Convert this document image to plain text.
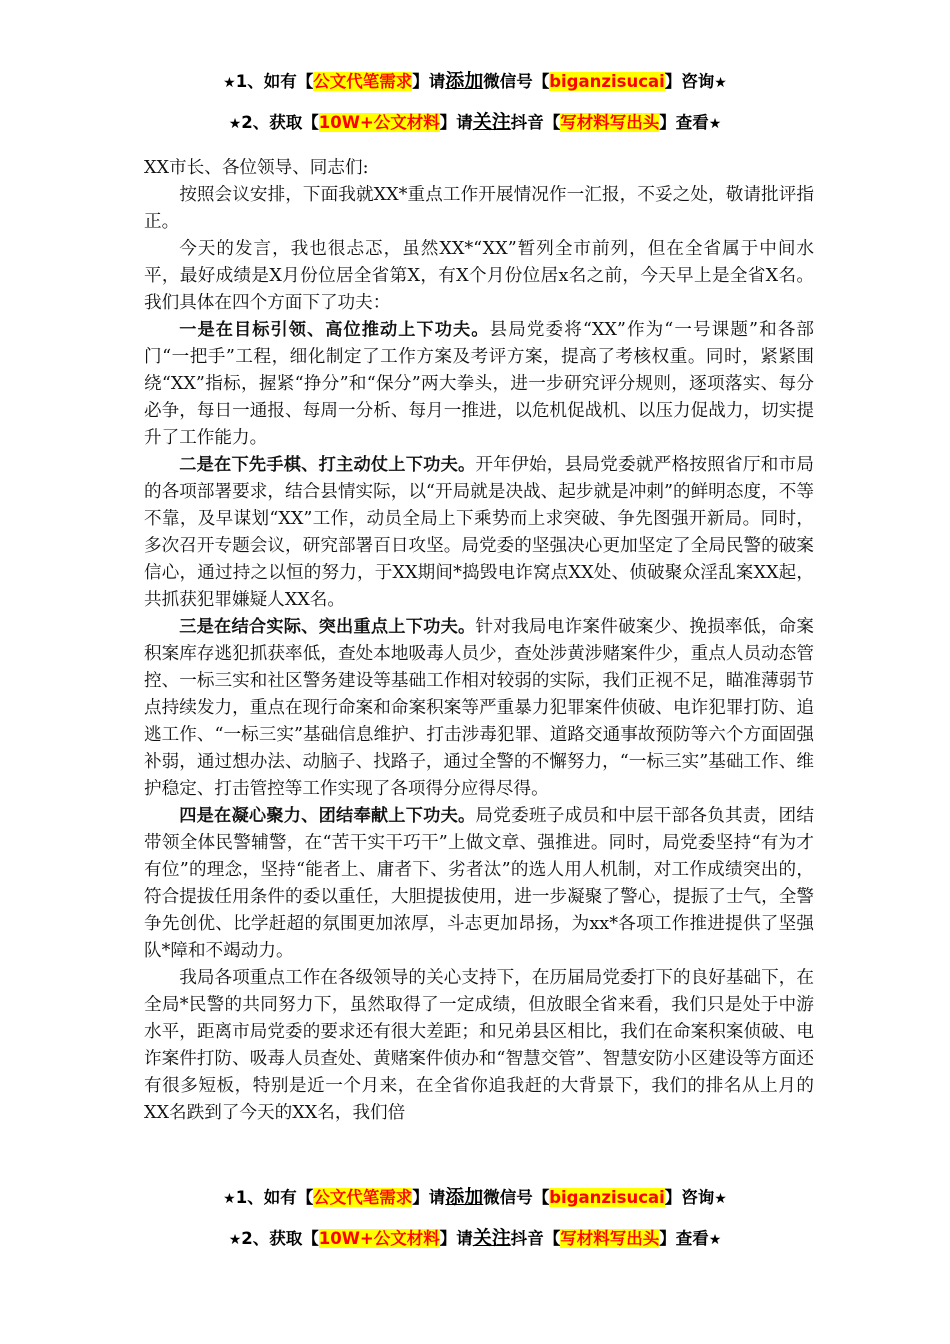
★1、如有【公文代笔需求】请添加微信号【biganzisucai】咨询★
★2、获取【10W+公文材料】请关注抖音【写材料写出头】查看★

XX市长、各位领导、同志们:

按照会议安排，下面我就XX*重点工作开展情况作一汇报，不妥之处，敬请批评指正。

今天的发言，我也很忐忑，虽然XX*“XX”暂列全市前列，但在全省属于中间水平，最好成绩是X月份位居全省第X，有X个月份位居x名之前，今天早上是全省X名。我们具体在四个方面下了功夫：

一是在目标引领、高位推动上下功夫。县局党委将“XX”作为“一号课题”和各部门“一把手”工程，细化制定了工作方案及考评方案，提高了考核权重。同时，紧紧围绕“XX”指标，握紧“挣分”和“保分”两大拳头，进一步研究评分规则，逐项落实、每分必争，每日一通报、每周一分析、每月一推进，以危机促战机、以压力促战力，切实提升了工作能力。

二是在下先手棋、打主动仗上下功夫。开年伊始，县局党委就严格按照省厅和市局的各项部署要求，结合县情实际，以“开局就是决战、起步就是冲刺”的鲜明态度，不等不靠，及早谋划“XX”工作，动员全局上下乘势而上求突破、争先图强开新局。同时，多次召开专题会议，研究部署百日攻坚。局党委的坚强决心更加坚定了全局民警的破案信心，通过持之以恒的努力，于XX期间*捣毁电诈窝点XX处、侦破聚众淫乱案XX起，共抓获犯罪嫌疑人XX名。

三是在结合实际、突出重点上下功夫。针对我局电诈案件破案少、挽损率低，命案积案库存逃犯抓获率低，查处本地吸毒人员少，查处涉黄涉赌案件少，重点人员动态管控、一标三实和社区警务建设等基础工作相对较弱的实际，我们正视不足，瞄准薄弱节点持续发力，重点在现行命案和命案积案等严重暴力犯罪案件侦破、电诈犯罪打防、追逃工作、“一标三实”基础信息维护、打击涉毒犯罪、道路交通事故预防等六个方面固强补弱，通过想办法、动脑子、找路子，通过全警的不懈努力，“一标三实”基础工作、维护稳定、打击管控等工作实现了各项得分应得尽得。

四是在凝心聚力、团结奉献上下功夫。局党委班子成员和中层干部各负其责，团结带领全体民警辅警，在“苦干实干巧干”上做文章、强推进。同时，局党委坚持“有为才有位”的理念，坚持“能者上、庸者下、劣者汰”的选人用人机制，对工作成绩突出的，符合提拔任用条件的委以重任，大胆提拔使用，进一步凝聚了警心，提振了士气，全警争先创优、比学赶超的氛围更加浓厚，斗志更加昂扬，为xx*各项工作推进提供了坚强队*障和不竭动力。

我局各项重点工作在各级领导的关心支持下，在历届局党委打下的良好基础下，在全局*民警的共同努力下，虽然取得了一定成绩，但放眼全省来看，我们只是处于中游水平，距离市局党委的要求还有很大差距；和兄弟县区相比，我们在命案积案侦破、电诈案件打防、吸毒人员查处、黄赌案件侦办和“智慧交管”、智慧安防小区建设等方面还有很多短板，特别是近一个月来，在全省你追我赶的大背景下，我们的排名从上月的XX名跌到了今天的XX名，我们倍

★1、如有【公文代笔需求】请添加微信号【biganzisucai】咨询★
★2、获取【10W+公文材料】请关注抖音【写材料写出头】查看★
